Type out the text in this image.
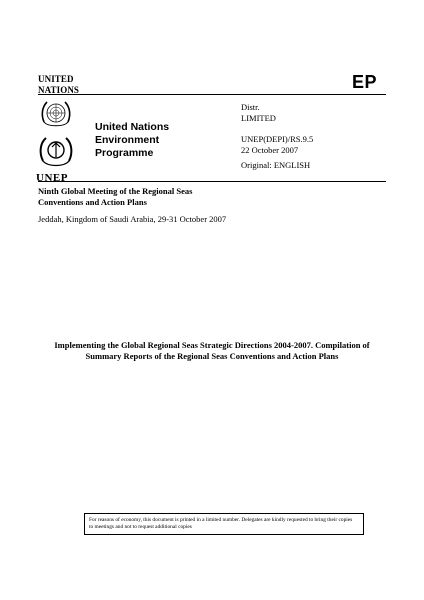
UNITED
NATIONS	EP
UNEP
United Nations
Environment
Programme
Distr.
LIMITED
UNEP(DEPI)/RS.9.5
22 October 2007
Original: ENGLISH
Ninth Global Meeting of the Regional Seas
Conventions and Action Plans
Jeddah, Kingdom of Saudi Arabia, 29-31 October 2007
Implementing the Global Regional Seas Strategic Directions 2004-2007. Compilation of
Summary Reports of the Regional Seas Conventions and Action Plans
For reasons of economy, this document is printed in a limited number. Delegates are kindly requested to bring their copies
to meetings and not to request additional copies
